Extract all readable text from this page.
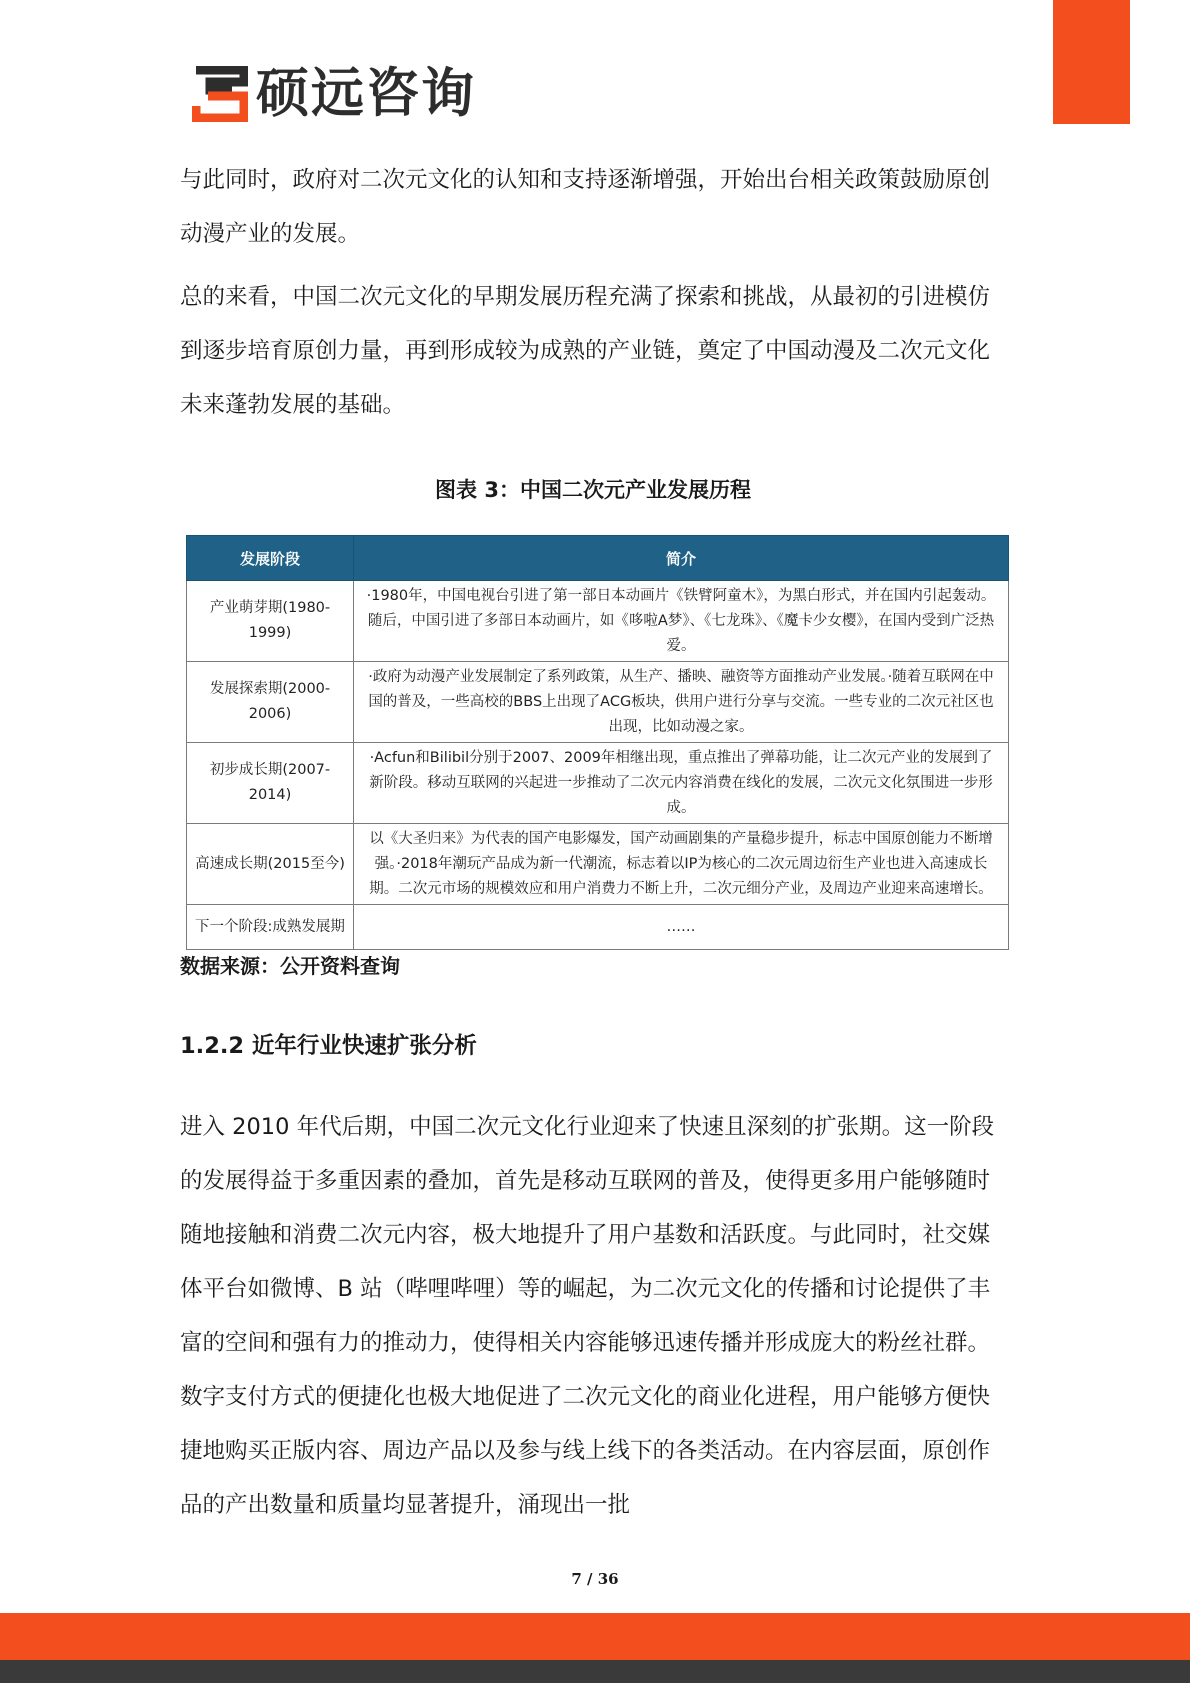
硕远咨询

与此同时，政府对二次元文化的认知和支持逐渐增强，开始出台相关政策鼓励原创动漫产业的发展。

总的来看，中国二次元文化的早期发展历程充满了探索和挑战，从最初的引进模仿到逐步培育原创力量，再到形成较为成熟的产业链，奠定了中国动漫及二次元文化未来蓬勃发展的基础。

图表 3：中国二次元产业发展历程
发展阶段	简介
产业萌芽期(1980-1999)	·1980年，中国电视台引进了第一部日本动画片《铁臂阿童木》，为黑白形式，并在国内引起轰动。随后，中国引进了多部日本动画片，如《哆啦A梦》、《七龙珠》、《魔卡少女樱》，在国内受到广泛热爱。
发展探索期(2000-2006)	·政府为动漫产业发展制定了系列政策，从生产、播映、融资等方面推动产业发展。·随着互联网在中国的普及，一些高校的BBS上出现了ACG板块，供用户进行分享与交流。一些专业的二次元社区也出现，比如动漫之家。
初步成长期(2007-2014)	·Acfun和Bilibil分别于2007、2009年相继出现，重点推出了弹幕功能，让二次元产业的发展到了新阶段。移动互联网的兴起进一步推动了二次元内容消费在线化的发展，二次元文化氛围进一步形成。
高速成长期(2015至今)	以《大圣归来》为代表的国产电影爆发，国产动画剧集的产量稳步提升，标志中国原创能力不断增强。·2018年潮玩产品成为新一代潮流，标志着以IP为核心的二次元周边衍生产业也进入高速成长期。二次元市场的规模效应和用户消费力不断上升，二次元细分产业，及周边产业迎来高速增长。
下一个阶段:成熟发展期	……
数据来源：公开资料查询
1.2.2 近年行业快速扩张分析

进入 2010 年代后期，中国二次元文化行业迎来了快速且深刻的扩张期。这一阶段的发展得益于多重因素的叠加，首先是移动互联网的普及，使得更多用户能够随时随地接触和消费二次元内容，极大地提升了用户基数和活跃度。与此同时，社交媒体平台如微博、B 站（哔哩哔哩）等的崛起，为二次元文化的传播和讨论提供了丰富的空间和强有力的推动力，使得相关内容能够迅速传播并形成庞大的粉丝社群。数字支付方式的便捷化也极大地促进了二次元文化的商业化进程，用户能够方便快捷地购买正版内容、周边产品以及参与线上线下的各类活动。在内容层面，原创作品的产出数量和质量均显著提升，涌现出一批

7 / 36
